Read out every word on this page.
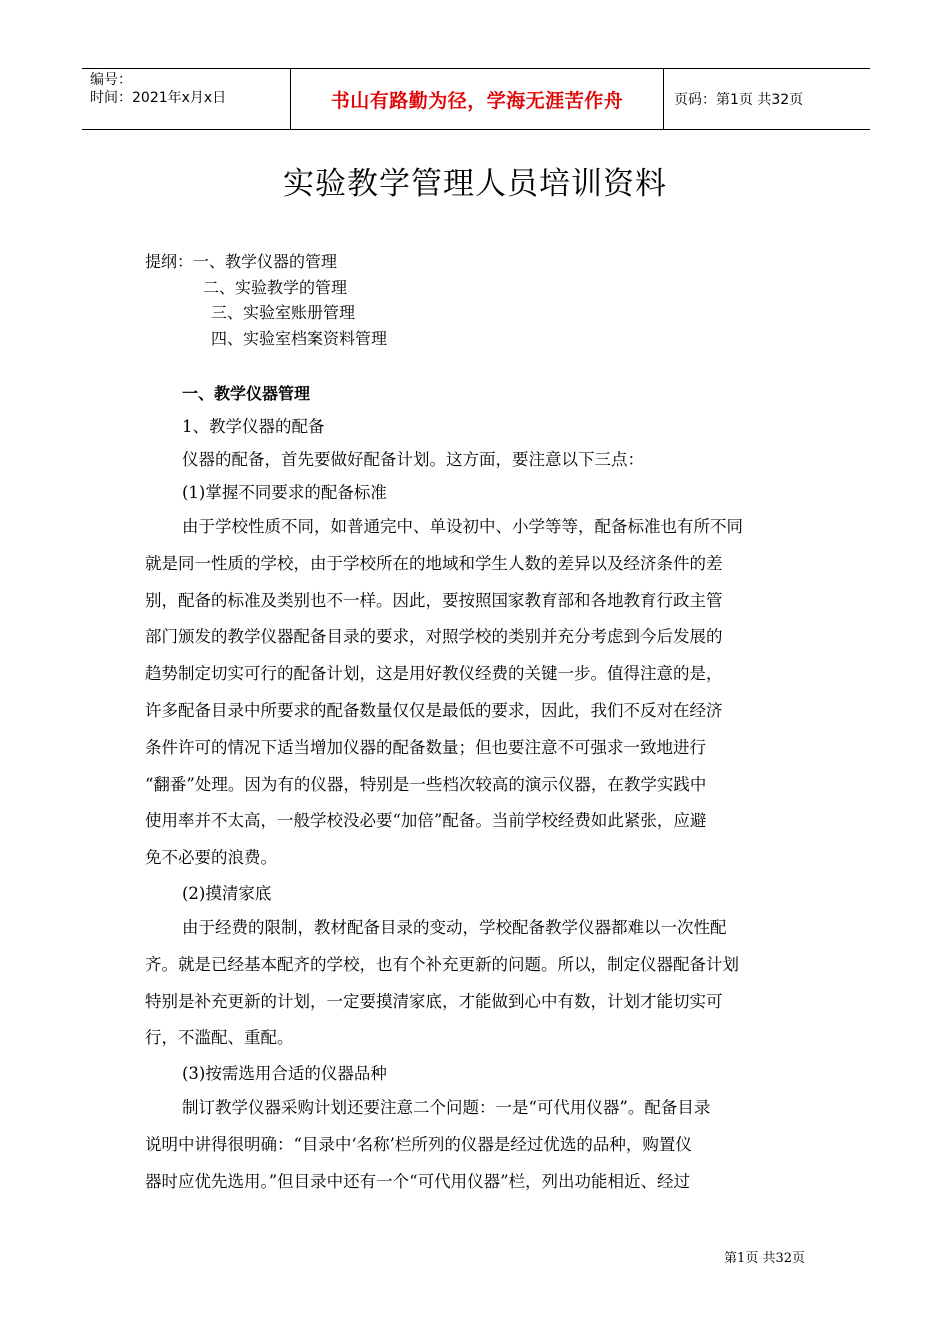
编号：
时间：2021年x月x日	书山有路勤为径，学海无涯苦作舟	页码：第1页 共32页
实验教学管理人员培训资料
提纲：一、教学仪器的管理
二、实验教学的管理
三、实验室账册管理
四、实验室档案资料管理
一、教学仪器管理
1、教学仪器的配备
仪器的配备，首先要做好配备计划。这方面，要注意以下三点：
(1)掌握不同要求的配备标准
由于学校性质不同，如普通完中、单设初中、小学等等，配备标准也有所不同
就是同一性质的学校，由于学校所在的地域和学生人数的差异以及经济条件的差
别，配备的标准及类别也不一样。因此，要按照国家教育部和各地教育行政主管
部门颁发的教学仪器配备目录的要求，对照学校的类别并充分考虑到今后发展的
趋势制定切实可行的配备计划，这是用好教仪经费的关键一步。值得注意的是，
许多配备目录中所要求的配备数量仅仅是最低的要求，因此，我们不反对在经济
条件许可的情况下适当增加仪器的配备数量；但也要注意不可强求一致地进行
“翻番”处理。因为有的仪器，特别是一些档次较高的演示仪器，在教学实践中
使用率并不太高，一般学校没必要“加倍”配备。当前学校经费如此紧张，应避
免不必要的浪费。
(2)摸清家底
由于经费的限制，教材配备目录的变动，学校配备教学仪器都难以一次性配
齐。就是已经基本配齐的学校，也有个补充更新的问题。所以，制定仪器配备计划
特别是补充更新的计划，一定要摸清家底，才能做到心中有数，计划才能切实可
行，不滥配、重配。
(3)按需选用合适的仪器品种
制订教学仪器采购计划还要注意二个问题：一是“可代用仪器”。配备目录
说明中讲得很明确：“目录中‘名称’栏所列的仪器是经过优选的品种，购置仪
器时应优先选用。”但目录中还有一个“可代用仪器”栏，列出功能相近、经过
第1页 共32页
